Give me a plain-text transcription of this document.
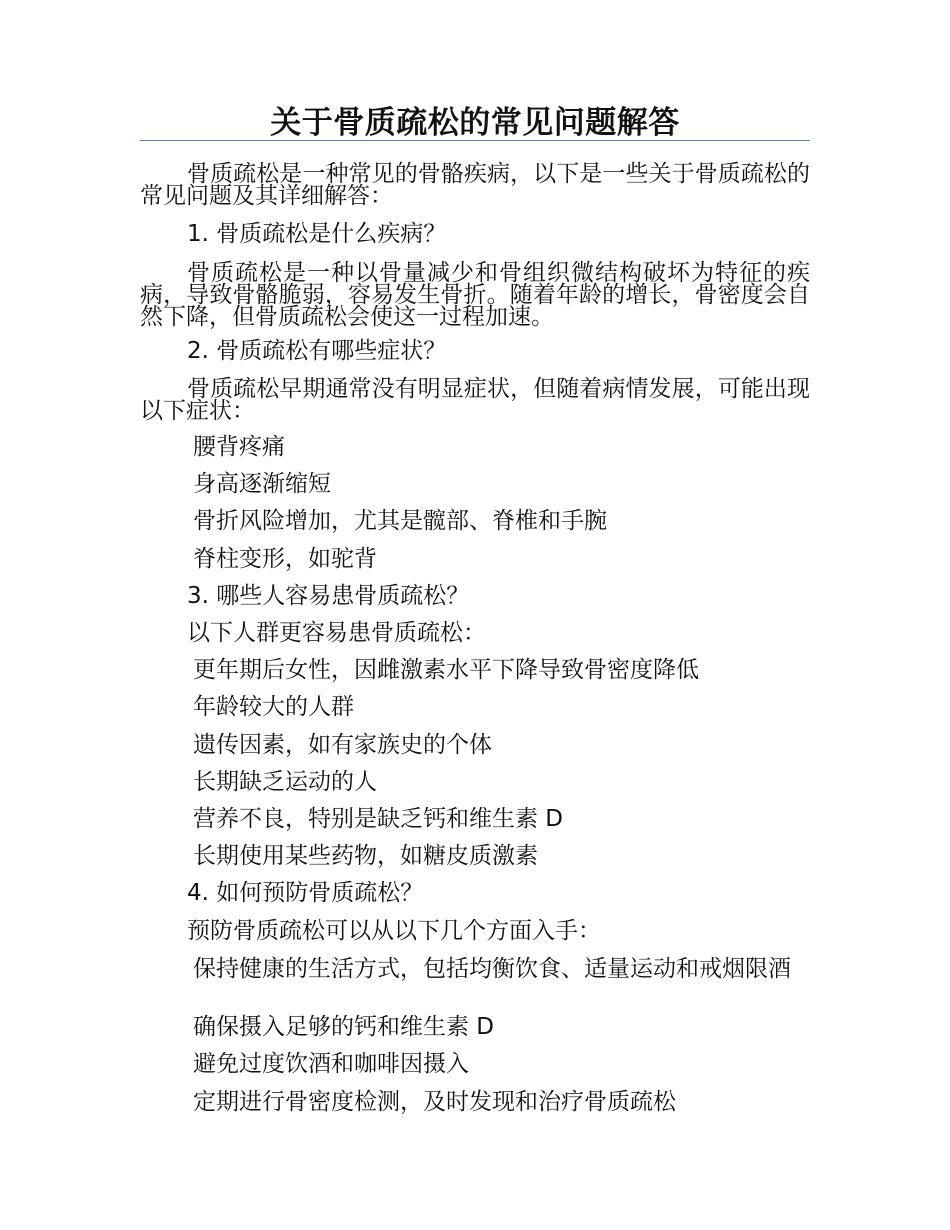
关于骨质疏松的常见问题解答
骨质疏松是一种常见的骨骼疾病，以下是一些关于骨质疏松的常见问题及其详细解答：
1. 骨质疏松是什么疾病？
骨质疏松是一种以骨量减少和骨组织微结构破坏为特征的疾病，导致骨骼脆弱，容易发生骨折。随着年龄的增长，骨密度会自然下降，但骨质疏松会使这一过程加速。
2. 骨质疏松有哪些症状？
骨质疏松早期通常没有明显症状，但随着病情发展，可能出现以下症状：
腰背疼痛
身高逐渐缩短
骨折风险增加，尤其是髋部、脊椎和手腕
脊柱变形，如驼背
3. 哪些人容易患骨质疏松？
以下人群更容易患骨质疏松：
更年期后女性，因雌激素水平下降导致骨密度降低
年龄较大的人群
遗传因素，如有家族史的个体
长期缺乏运动的人
营养不良，特别是缺乏钙和维生素 D
长期使用某些药物，如糖皮质激素
4. 如何预防骨质疏松？
预防骨质疏松可以从以下几个方面入手：
保持健康的生活方式，包括均衡饮食、适量运动和戒烟限酒
确保摄入足够的钙和维生素 D
避免过度饮酒和咖啡因摄入
定期进行骨密度检测，及时发现和治疗骨质疏松
